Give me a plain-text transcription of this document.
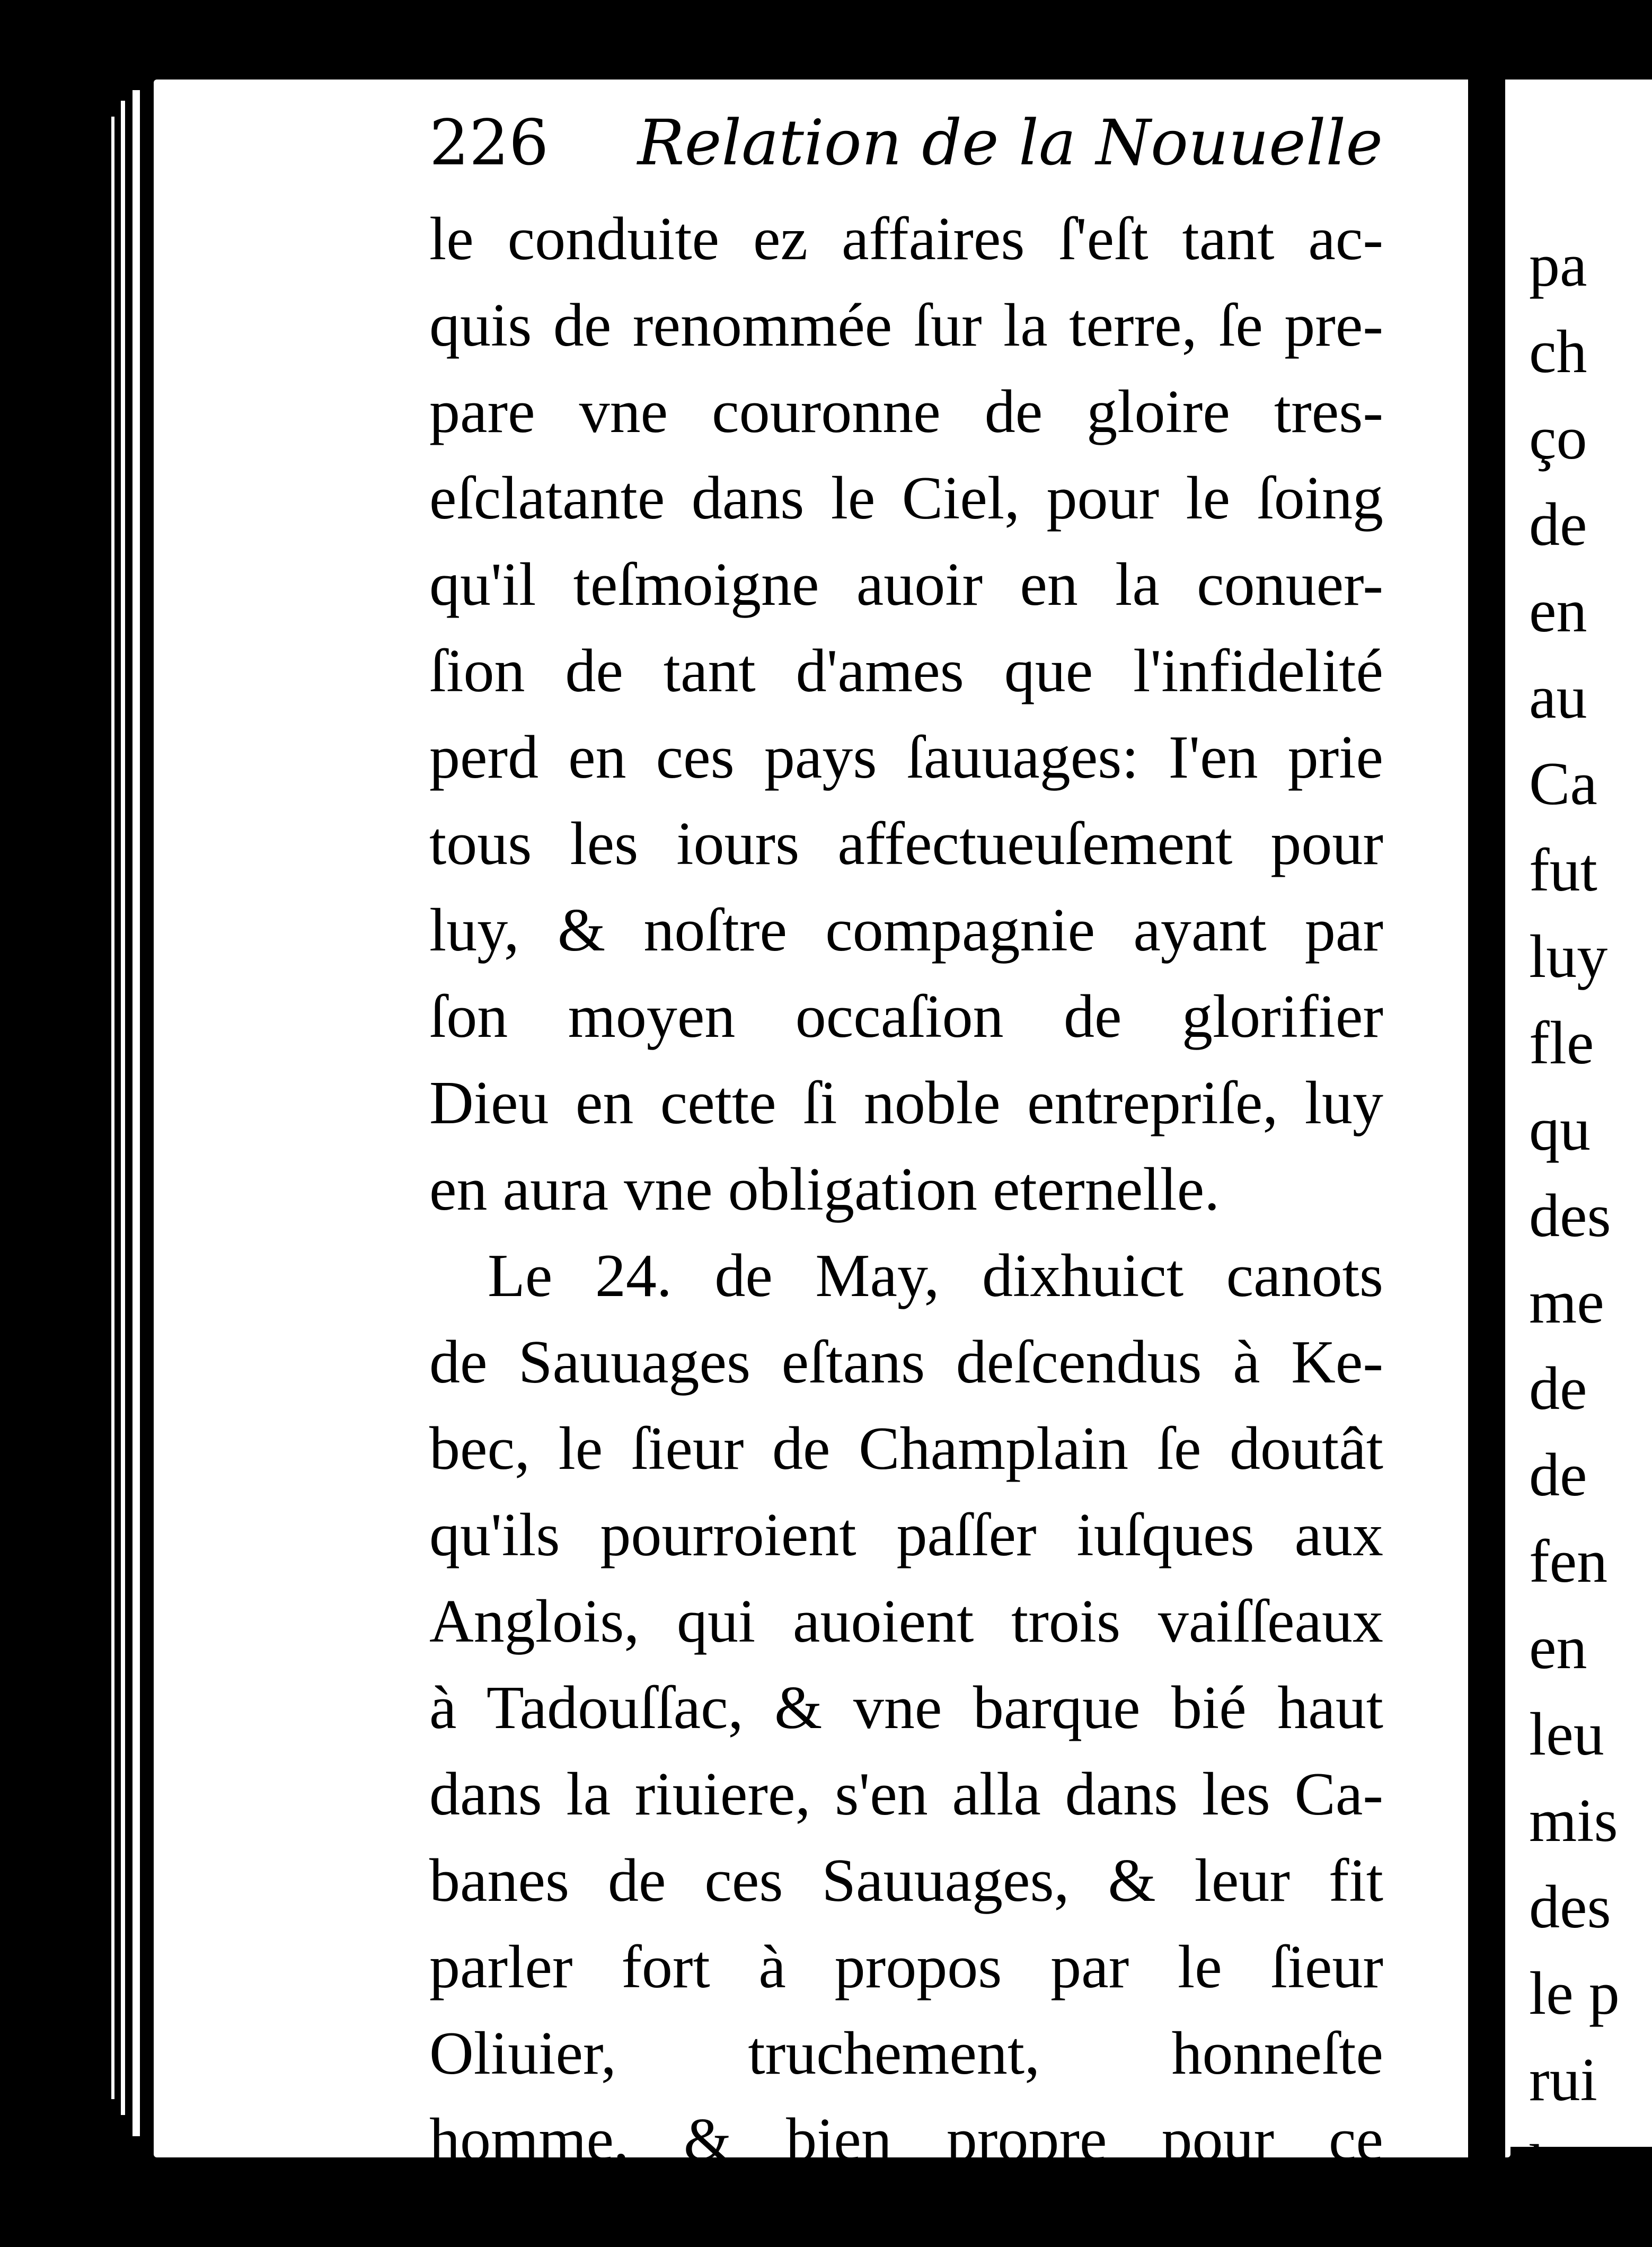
226 Relation de la Nouuelle
le conduite ez affaires ſ'eſt tant ac-
quis de renommée ſur la terre, ſe pre-
pare vne couronne de gloire tres-
eſclatante dans le Ciel, pour le ſoing
qu'il teſmoigne auoir en la conuer-
ſion de tant d'ames que l'infidelité
perd en ces pays ſauuages: I'en prie
tous les iours affectueuſement pour
luy, & noſtre compagnie ayant par
ſon moyen occaſion de glorifier
Dieu en cette ſi noble entrepriſe, luy
en aura vne obligation eternelle.
Le 24. de May, dixhuict canots
de Sauuages eſtans deſcendus à Ke-
bec, le ſieur de Champlain ſe doutât
qu'ils pourroient paſſer iuſques aux
Anglois, qui auoient trois vaiſſeaux
à Tadouſſac, & vne barque bié haut
dans la riuiere, s'en alla dans les Ca-
banes de ces Sauuages, & leur fit
parler fort à propos par le ſieur
Oliuier, truchement, honneſte
homme, & bien propre pour ce
pa
ch
ço
de
en
au
Ca
fut
luy
fle
qu
des
me
de
de
fen
en
leu
mis
des
le p
rui
ho
